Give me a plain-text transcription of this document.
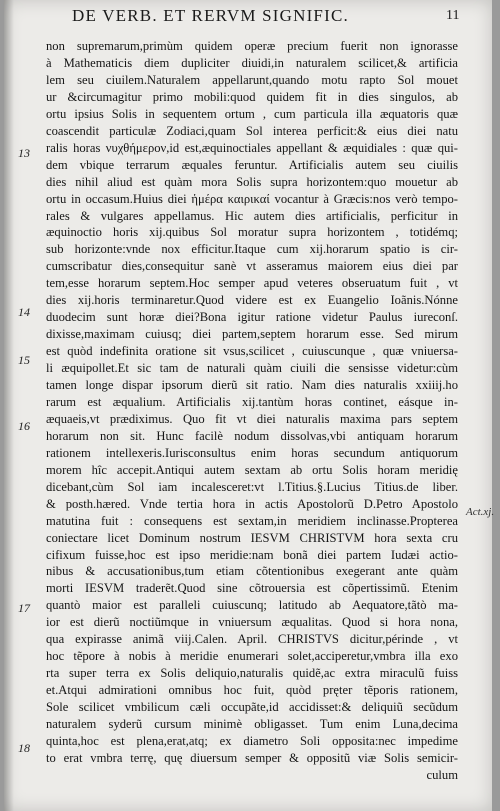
DE VERB. ET RERVM SIGNIFIC.	11
non supremarum,primùm quidem operæ precium fuerit non ignorasse
à Mathematicis diem dupliciter diuidi,in naturalem scilicet,& artificia
lem seu ciuilem.Naturalem appellarunt,quando motu rapto Sol mouet
ur &circumagitur primo mobili:quod quidem fit in dies singulos, ab
ortu ipsius Solis in sequentem ortum , cum particula illa æquatoris quæ
coascendit particulæ Zodiaci,quam Sol interea perficit:& eius diei natu
ralis horas νυχθήμερον,id est,æquinoctiales appellant & æquidiales : quæ qui-
dem vbique terrarum æquales feruntur. Artificialis autem seu ciuilis
dies nihil aliud est quàm mora Solis supra horizontem:quo mouetur ab
ortu in occasum.Huius diei ἡμέρα καιρικαί vocantur à Græcis:nos verò tempo-
rales & vulgares appellamus. Hic autem dies artificialis, perficitur in
æquinoctio horis xij.quibus Sol moratur supra horizontem , totidémq;
sub horizonte:vnde nox efficitur.Itaque cum xij.horarum spatio is cir-
cumscribatur dies,consequitur sanè vt asseramus maiorem eius diei par
tem,esse horarum septem.Hoc semper apud veteres obseruatum fuit , vt
dies xij.horis terminaretur.Quod videre est ex Euangelio Ioãnis.Nónne
duodecim sunt horæ diei?Bona igitur ratione videtur Paulus iureconſ.
dixisse,maximam cuiusq; diei partem,septem horarum esse. Sed mirum
est quòd indefinita oratione sit vsus,scilicet , cuiuscunque , quæ vniuersa-
li æquipollet.Et sic tam de naturali quàm ciuili die sensisse videtur:cùm
tamen longe dispar ipsorum dierũ sit ratio. Nam dies naturalis xxiiij.ho
rarum est æqualium. Artificialis xij.tantùm horas continet, eásque in-
æquaeis,vt prædiximus. Quo fit vt diei naturalis maxima pars septem
horarum non sit. Hunc facilè nodum dissolvas,vbi antiquam horarum
rationem intellexeris.Iurisconsultus enim horas secundum antiquorum
morem hîc accepit.Antiqui autem sextam ab ortu Solis horam meridię
dicebant,cùm Sol iam incalesceret:vt l.Titius.§.Lucius Titius.de liber.
& posth.hæred. Vnde tertia hora in actis Apostolorũ D.Petro Apostolo
matutina fuit : consequens est sextam,in meridiem inclinasse.Propterea
coniectare licet Dominum nostrum IESVM CHRISTVM hora sexta cru
cifixum fuisse,hoc est ipso meridie:nam bonã diei partem Iudæi actio-
nibus & accusationibus,tum etiam cõtentionibus exegerant ante quàm
morti IESVM traderẽt.Quod sine cõtrouersia est cõpertissimũ. Etenim
quantò maior est paralleli cuiuscunq; latitudo ab Aequatore,tãtò ma-
ior est dierũ noctiũmque in vniuersum æqualitas. Quod si hora nona,
qua expirasse animã viij.Calen. April. CHRISTVS dicitur,périnde , vt
hoc tẽpore à nobis à meridie enumerari solet,acciperetur,vmbra illa exo
rta super terra ex Solis deliquio,naturalis quidẽ,ac extra miraculũ fuiss
et.Atqui admirationi omnibus hoc fuit, quòd pręter tẽporis rationem,
Sole scilicet vmbilicum cæli occupãte,id accidisset:& deliquiũ secũdum
naturalem syderũ cursum minimè obligasset. Tum enim Luna,decima
quinta,hoc est plena,erat,atq; ex diametro Soli opposita:nec impedime
to erat vmbra terrę, quę diuersum semper & oppositũ viæ Solis semicir-
culum
13
14
15
16
17
18
Act.xj.
